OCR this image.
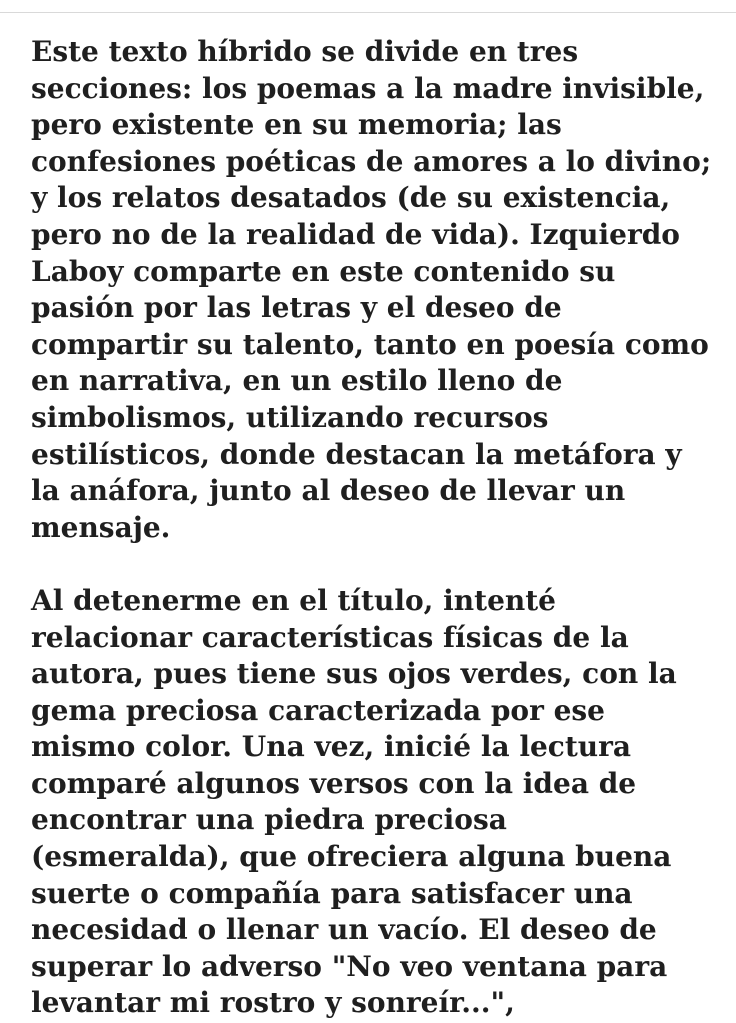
Este texto híbrido se divide en tres
secciones: los poemas a la madre invisible,
pero existente en su memoria; las
confesiones poéticas de amores a lo divino;
y los relatos desatados (de su existencia,
pero no de la realidad de vida). Izquierdo
Laboy comparte en este contenido su
pasión por las letras y el deseo de
compartir su talento, tanto en poesía como
en narrativa, en un estilo lleno de
simbolismos, utilizando recursos
estilísticos, donde destacan la metáfora y
la anáfora, junto al deseo de llevar un
mensaje.

Al detenerme en el título, intenté
relacionar características físicas de la
autora, pues tiene sus ojos verdes, con la
gema preciosa caracterizada por ese
mismo color. Una vez, inicié la lectura
comparé algunos versos con la idea de
encontrar una piedra preciosa
(esmeralda), que ofreciera alguna buena
suerte o compañía para satisfacer una
necesidad o llenar un vacío. El deseo de
superar lo adverso "No veo ventana para
levantar mi rostro y sonreír...",
